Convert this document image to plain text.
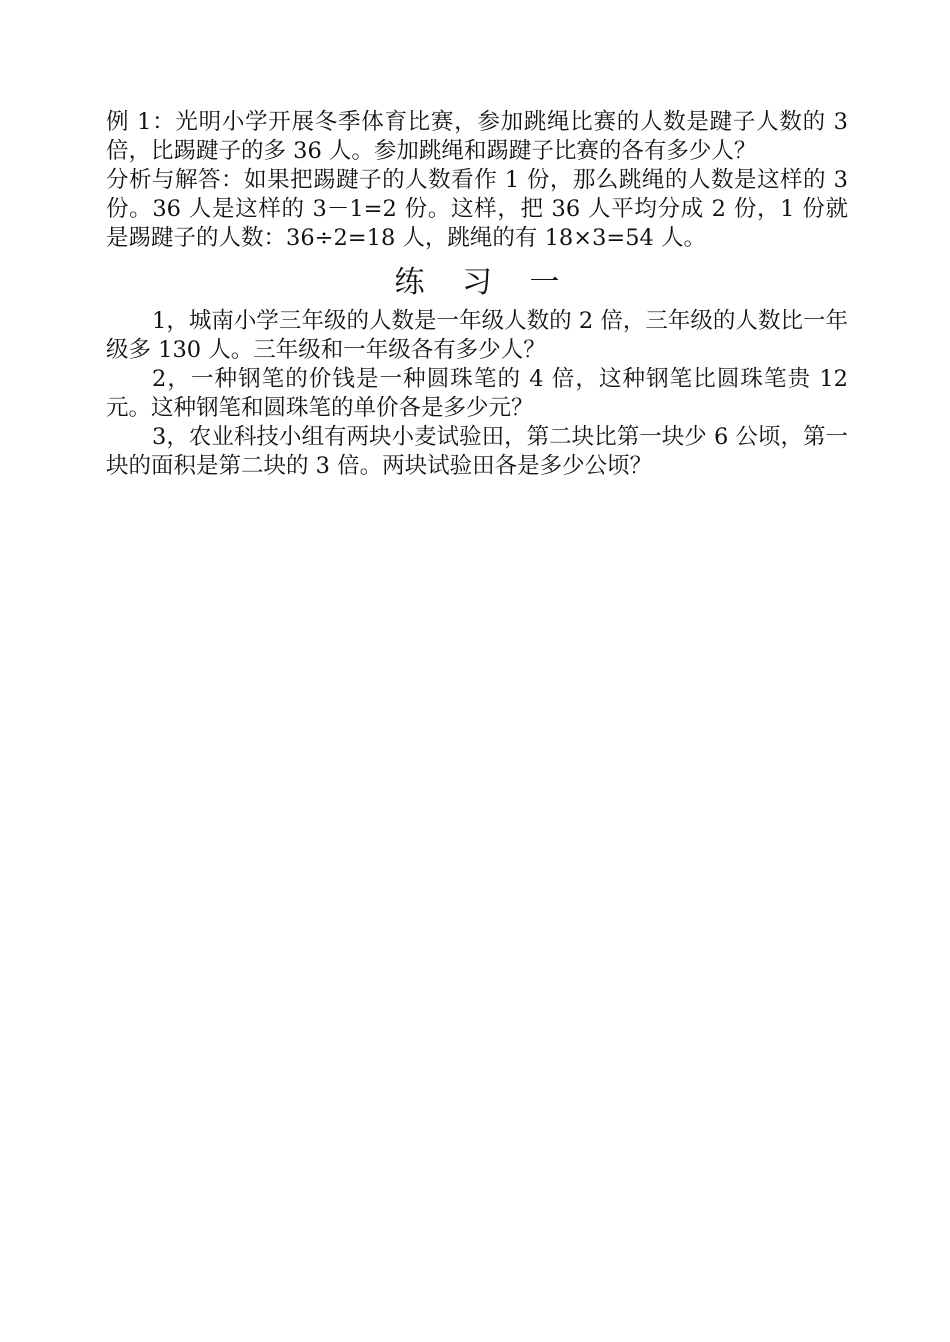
例 1：光明小学开展冬季体育比赛，参加跳绳比赛的人数是踺子人数的 3 倍，比踢踺子的多 36 人。参加跳绳和踢踺子比赛的各有多少人？

分析与解答：如果把踢踺子的人数看作 1 份，那么跳绳的人数是这样的 3 份。36 人是这样的 3－1=2 份。这样，把 36 人平均分成 2 份，1 份就是踢踺子的人数：36÷2=18 人，跳绳的有 18×3=54 人。

练 习 一

1，城南小学三年级的人数是一年级人数的 2 倍，三年级的人数比一年级多 130 人。三年级和一年级各有多少人？

2，一种钢笔的价钱是一种圆珠笔的 4 倍，这种钢笔比圆珠笔贵 12 元。这种钢笔和圆珠笔的单价各是多少元？

3，农业科技小组有两块小麦试验田，第二块比第一块少 6 公顷，第一块的面积是第二块的 3 倍。两块试验田各是多少公顷？
